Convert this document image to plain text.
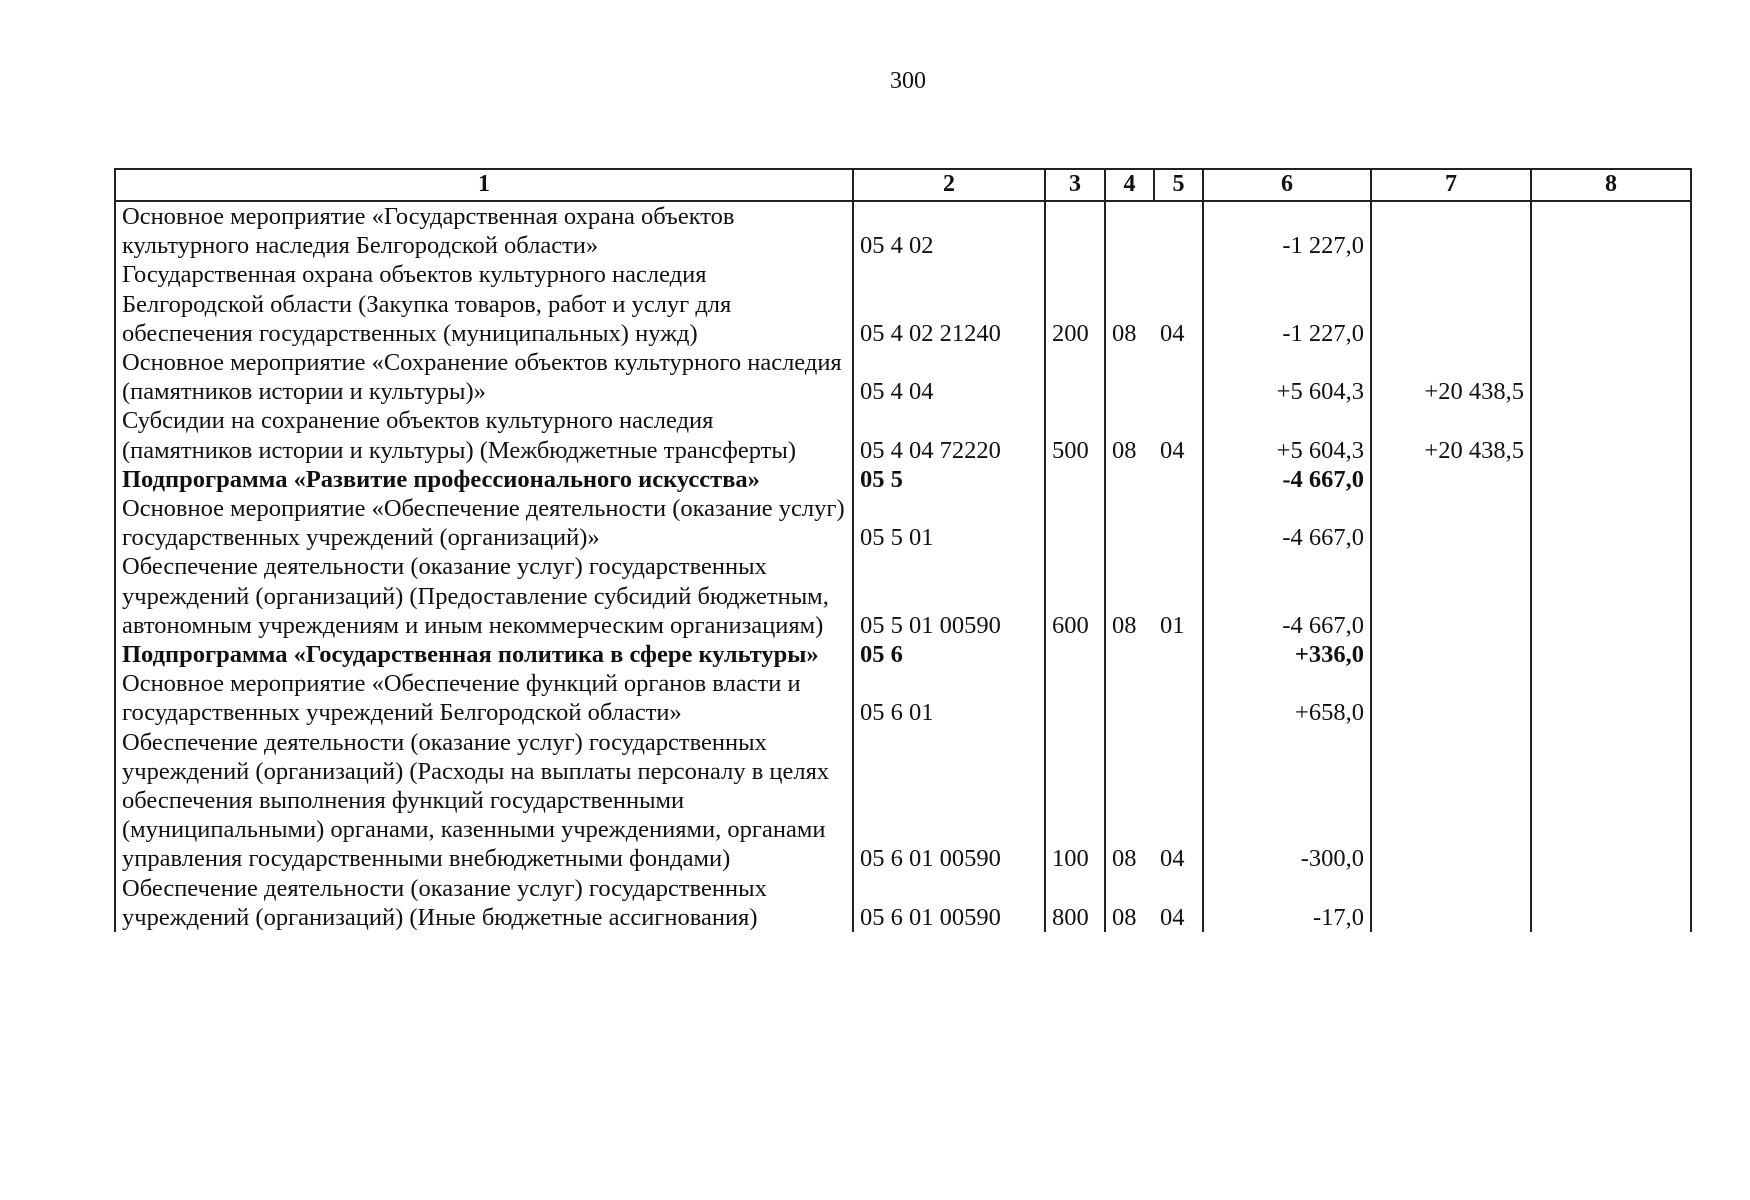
300
1	2	3	4	5	6	7	8
Основное мероприятие «Государственная охрана объектов культурного наследия Белгородской области»	05 4 02				-1 227,0		
Государственная охрана объектов культурного наследия Белгородской области (Закупка товаров, работ и услуг для обеспечения государственных (муниципальных) нужд)	05 4 02 21240	200	08	04	-1 227,0		
Основное мероприятие «Сохранение объектов культурного наследия (памятников истории и культуры)»	05 4 04				+5 604,3	+20 438,5	
Субсидии на сохранение объектов культурного наследия (памятников истории и культуры) (Межбюджетные трансферты)	05 4 04 72220	500	08	04	+5 604,3	+20 438,5	
Подпрограмма «Развитие профессионального искусства»	05 5				-4 667,0		
Основное мероприятие «Обеспечение деятельности (оказание услуг) государственных учреждений (организаций)»	05 5 01				-4 667,0		
Обеспечение деятельности (оказание услуг) государственных учреждений (организаций) (Предоставление субсидий бюджетным, автономным учреждениям и иным некоммерческим организациям)	05 5 01 00590	600	08	01	-4 667,0		
Подпрограмма «Государственная политика в сфере культуры»	05 6				+336,0		
Основное мероприятие «Обеспечение функций органов власти и государственных учреждений Белгородской области»	05 6 01				+658,0		
Обеспечение деятельности (оказание услуг) государственных учреждений (организаций) (Расходы на выплаты персоналу в целях обеспечения выполнения функций государственными (муниципальными) органами, казенными учреждениями, органами управления государственными внебюджетными фондами)	05 6 01 00590	100	08	04	-300,0		
Обеспечение деятельности (оказание услуг) государственных учреждений (организаций) (Иные бюджетные ассигнования)	05 6 01 00590	800	08	04	-17,0		
